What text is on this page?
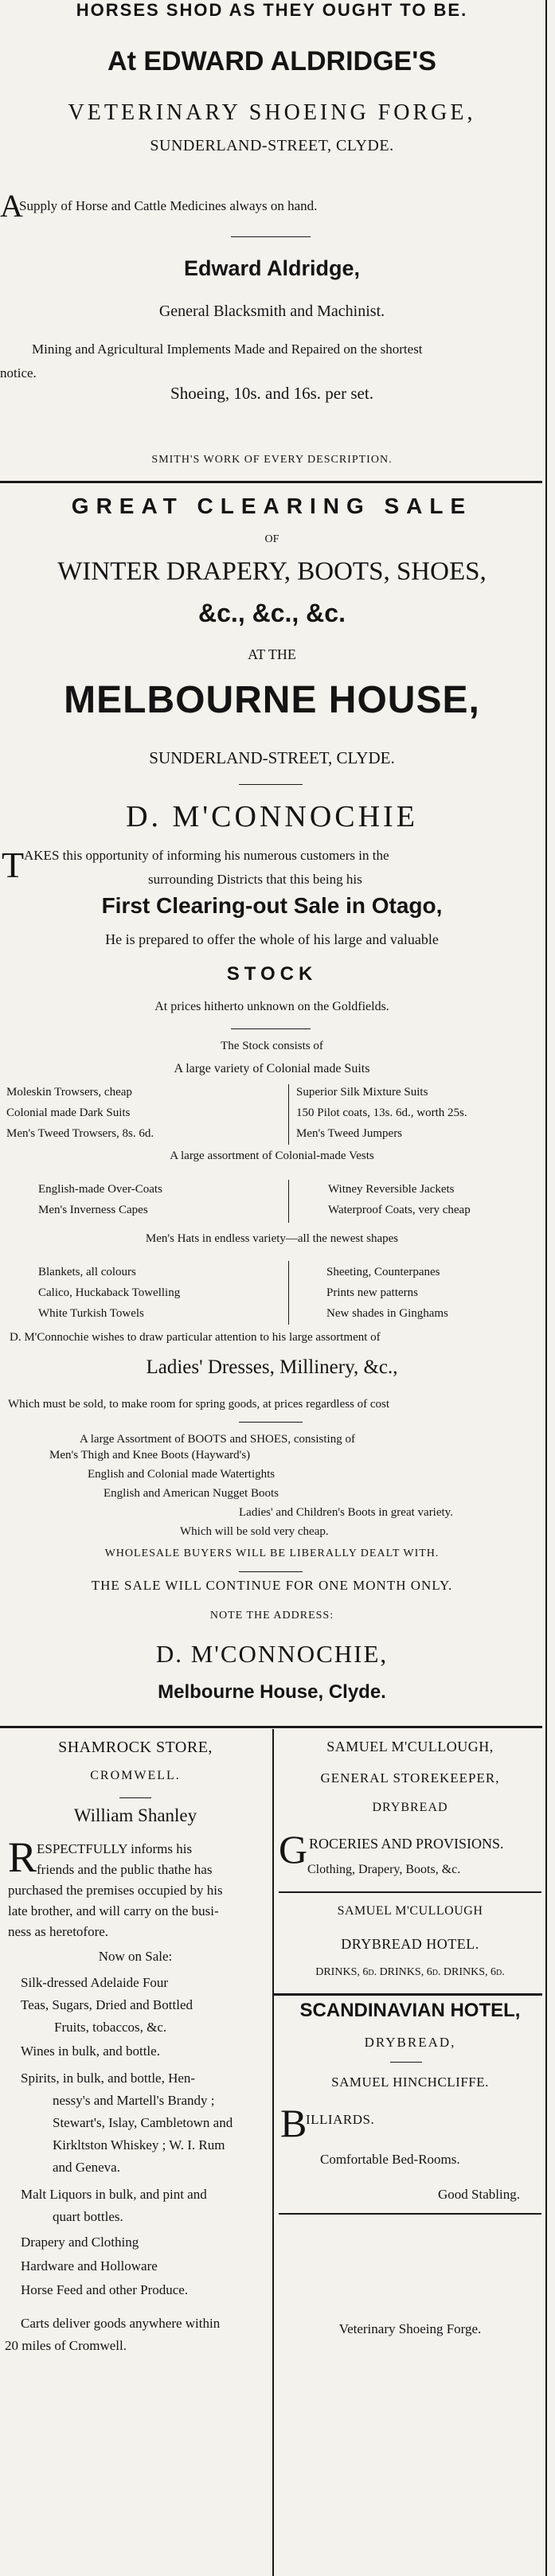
HORSES SHOD AS THEY OUGHT TO BE.
At EDWARD ALDRIDGE'S
VETERINARY SHOEING FORGE,
SUNDERLAND-STREET, CLYDE.
A
Supply of Horse and Cattle Medicines always on hand.
Edward Aldridge,
General Blacksmith and Machinist.
Mining and Agricultural Implements Made and Repaired on the shortest
notice.
Shoeing, 10s. and 16s. per set.
SMITH'S WORK OF EVERY DESCRIPTION.
GREAT CLEARING SALE
OF
WINTER DRAPERY, BOOTS, SHOES,
&c., &c., &c.
AT THE
MELBOURNE HOUSE,
SUNDERLAND-STREET, CLYDE.
D. M'CONNOCHIE
T AKES this opportunity of informing his numerous customers in the
surrounding Districts that this being his
First Clearing-out Sale in Otago,
He is prepared to offer the whole of his large and valuable
STOCK
At prices hitherto unknown on the Goldfields.
The Stock consists of
A large variety of Colonial made Suits
Moleskin Trowsers, cheap
Colonial made Dark Suits
Men's Tweed Trowsers, 8s. 6d.
Superior Silk Mixture Suits
150 Pilot coats, 13s. 6d., worth 25s.
Men's Tweed Jumpers
A large assortment of Colonial-made Vests
English-made Over-Coats
Men's Inverness Capes
Witney Reversible Jackets
Waterproof Coats, very cheap
Men's Hats in endless variety—all the newest shapes
Blankets, all colours
Calico, Huckaback Towelling
White Turkish Towels
Sheeting, Counterpanes
Prints new patterns
New shades in Ginghams
D. M'Connochie wishes to draw particular attention to his large assortment of
Ladies' Dresses, Millinery, &c.,
Which must be sold, to make room for spring goods, at prices regardless of cost
A large Assortment of BOOTS and SHOES, consisting of
Men's Thigh and Knee Boots (Hayward's)
English and Colonial made Watertights
English and American Nugget Boots
Ladies' and Children's Boots in great variety.
Which will be sold very cheap.
WHOLESALE BUYERS WILL BE LIBERALLY DEALT WITH.
THE SALE WILL CONTINUE FOR ONE MONTH ONLY.
NOTE THE ADDRESS:
D. M'CONNOCHIE,
Melbourne House, Clyde.
SHAMROCK STORE,
CROMWELL.
William Shanley
R ESPECTFULLY informs his
friends and the public thathe has
purchased the premises occupied by his
late brother, and will carry on the busi-
ness as heretofore.
Now on Sale:
Silk-dressed Adelaide Four
Teas, Sugars, Dried and Bottled
Fruits, tobaccos, &c.
Wines in bulk, and bottle.
Spirits, in bulk, and bottle, Hen-
nessy's and Martell's Brandy ;
Stewart's, Islay, Cambletown and
Kirkltston Whiskey ; W. I. Rum
and Geneva.
Malt Liquors in bulk, and pint and
quart bottles.
Drapery and Clothing
Hardware and Holloware
Horse Feed and other Produce.
Carts deliver goods anywhere within
20 miles of Cromwell.
SAMUEL M'CULLOUGH,
GENERAL STOREKEEPER,
DRYBREAD
G ROCERIES AND PROVISIONS.
Clothing, Drapery, Boots, &c.
SAMUEL M'CULLOUGH
DRYBREAD HOTEL.
DRINKS, 6d. DRINKS, 6d. DRINKS, 6d.
SCANDINAVIAN HOTEL,
DRYBREAD,
SAMUEL HINCHCLIFFE.
B
ILLIARDS.
Comfortable Bed-Rooms.
Good Stabling.
Veterinary Shoeing Forge.
